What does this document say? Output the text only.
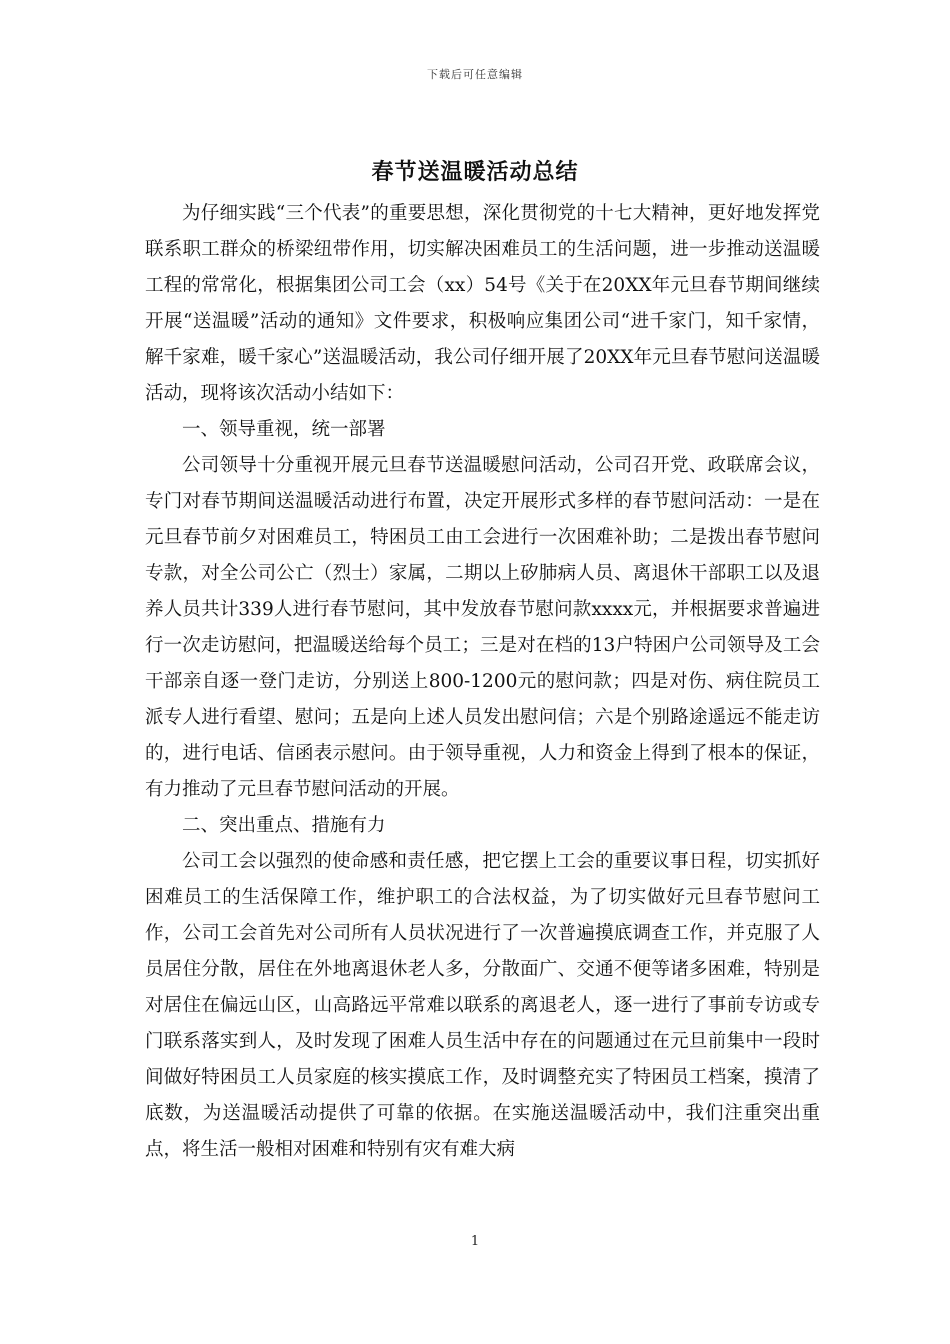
下载后可任意编辑
春节送温暖活动总结

为仔细实践“三个代表”的重要思想，深化贯彻党的十七大精神，更好地发挥党联系职工群众的桥梁纽带作用，切实解决困难员工的生活问题，进一步推动送温暖工程的常常化，根据集团公司工会（xx）54号《关于在20XX年元旦春节期间继续开展“送温暖”活动的通知》文件要求，积极响应集团公司“进千家门，知千家情，解千家难，暖千家心”送温暖活动，我公司仔细开展了20XX年元旦春节慰问送温暖活动，现将该次活动小结如下：

一、领导重视，统一部署

公司领导十分重视开展元旦春节送温暖慰问活动，公司召开党、政联席会议，专门对春节期间送温暖活动进行布置，决定开展形式多样的春节慰问活动：一是在元旦春节前夕对困难员工，特困员工由工会进行一次困难补助；二是拨出春节慰问专款，对全公司公亡（烈士）家属，二期以上矽肺病人员、离退休干部职工以及退养人员共计339人进行春节慰问，其中发放春节慰问款xxxx元，并根据要求普遍进行一次走访慰问，把温暖送给每个员工；三是对在档的13户特困户公司领导及工会干部亲自逐一登门走访，分别送上800-1200元的慰问款；四是对伤、病住院员工派专人进行看望、慰问；五是向上述人员发出慰问信；六是个别路途遥远不能走访的，进行电话、信函表示慰问。由于领导重视，人力和资金上得到了根本的保证，有力推动了元旦春节慰问活动的开展。

二、突出重点、措施有力

公司工会以强烈的使命感和责任感，把它摆上工会的重要议事日程，切实抓好困难员工的生活保障工作，维护职工的合法权益，为了切实做好元旦春节慰问工作，公司工会首先对公司所有人员状况进行了一次普遍摸底调查工作，并克服了人员居住分散，居住在外地离退休老人多，分散面广、交通不便等诸多困难，特别是对居住在偏远山区，山高路远平常难以联系的离退老人，逐一进行了事前专访或专门联系落实到人，及时发现了困难人员生活中存在的问题通过在元旦前集中一段时间做好特困员工人员家庭的核实摸底工作，及时调整充实了特困员工档案，摸清了底数，为送温暖活动提供了可靠的依据。在实施送温暖活动中，我们注重突出重点，将生活一般相对困难和特别有灾有难大病

1
